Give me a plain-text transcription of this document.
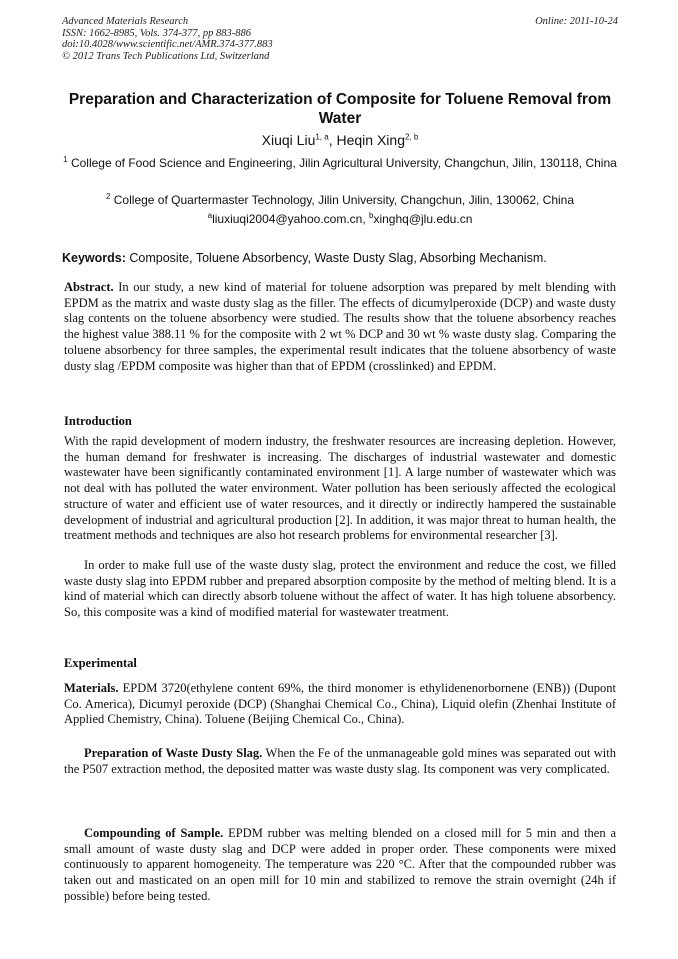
Advanced Materials Research
ISSN: 1662-8985, Vols. 374-377, pp 883-886
doi:10.4028/www.scientific.net/AMR.374-377.883
© 2012 Trans Tech Publications Ltd, Switzerland
Online: 2011-10-24
Preparation and Characterization of Composite for Toluene Removal from Water
Xiuqi Liu$^{1, a}$, Heqin Xing$^{2, b}$
$^1$ College of Food Science and Engineering, Jilin Agricultural University, Changchun, Jilin, 130118, China
$^2$ College of Quartermaster Technology, Jilin University, Changchun, Jilin, 130062, China
$^a$liuxiuqi2004@yahoo.com.cn, $^b$xinghq@jlu.edu.cn
Keywords: Composite, Toluene Absorbency, Waste Dusty Slag, Absorbing Mechanism.
Abstract. In our study, a new kind of material for toluene adsorption was prepared by melt blending with EPDM as the matrix and waste dusty slag as the filler. The effects of dicumylperoxide (DCP) and waste dusty slag contents on the toluene absorbency were studied. The results show that the toluene absorbency reaches the highest value 388.11 % for the composite with 2 wt % DCP and 30 wt % waste dusty slag. Comparing the toluene absorbency for three samples, the experimental result indicates that the toluene absorbency of waste dusty slag /EPDM composite was higher than that of EPDM (crosslinked) and EPDM.
Introduction
With the rapid development of modern industry, the freshwater resources are increasing depletion. However, the human demand for freshwater is increasing. The discharges of industrial wastewater and domestic wastewater have been significantly contaminated environment [1]. A large number of wastewater which was not deal with has polluted the water environment. Water pollution has been seriously affected the ecological structure of water and efficient use of water resources, and it directly or indirectly hampered the sustainable development of industrial and agricultural production [2]. In addition, it was major threat to human health, the treatment methods and techniques are also hot research problems for environmental researcher [3].
In order to make full use of the waste dusty slag, protect the environment and reduce the cost, we filled waste dusty slag into EPDM rubber and prepared absorption composite by the method of melting blend. It is a kind of material which can directly absorb toluene without the affect of water. It has high toluene absorbency. So, this composite was a kind of modified material for wastewater treatment.
Experimental
Materials. EPDM 3720(ethylene content 69%, the third monomer is ethylidenenorbornene (ENB)) (Dupont Co. America), Dicumyl peroxide (DCP) (Shanghai Chemical Co., China), Liquid olefin (Zhenhai Institute of Applied Chemistry, China). Toluene (Beijing Chemical Co., China).
Preparation of Waste Dusty Slag. When the Fe of the unmanageable gold mines was separated out with the P507 extraction method, the deposited matter was waste dusty slag. Its component was very complicated.
Compounding of Sample. EPDM rubber was melting blended on a closed mill for 5 min and then a small amount of waste dusty slag and DCP were added in proper order. These components were mixed continuously to apparent homogeneity. The temperature was 220 °C. After that the compounded rubber was taken out and masticated on an open mill for 10 min and stabilized to remove the strain overnight (24h if possible) before being tested.
